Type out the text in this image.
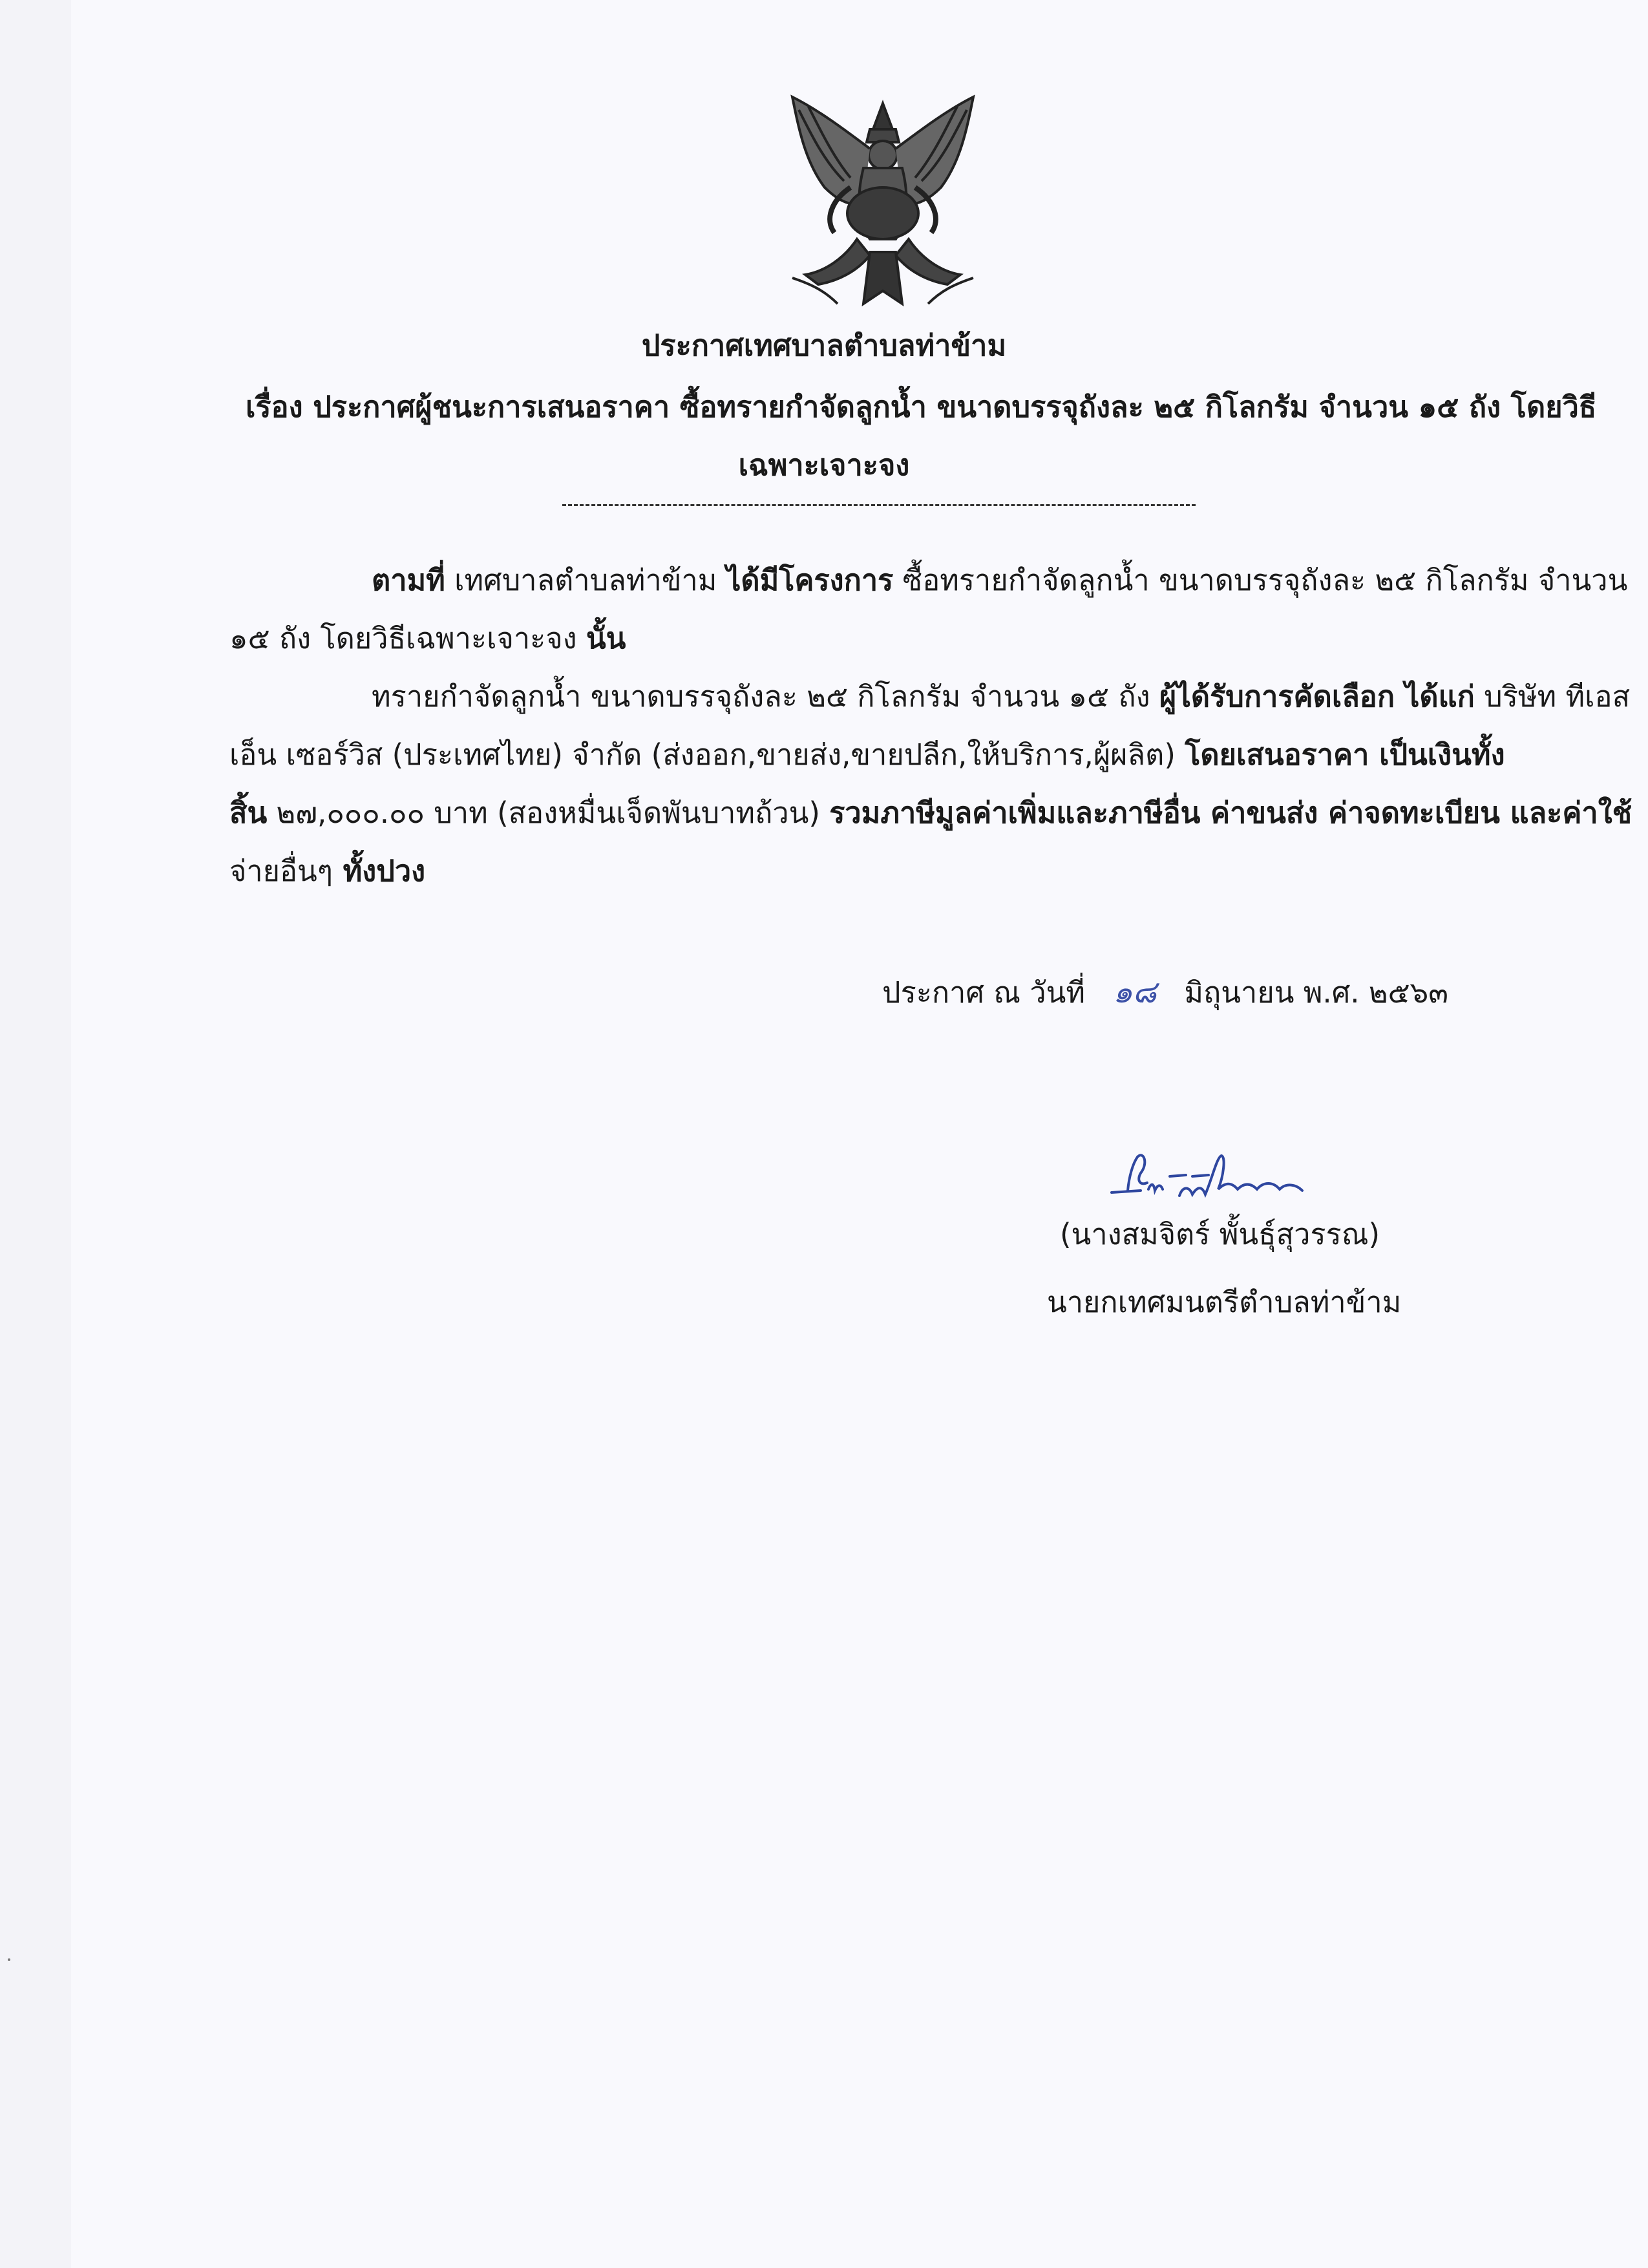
ประกาศเทศบาลตำบลท่าข้าม

เรื่อง ประกาศผู้ชนะการเสนอราคา ซื้อทรายกำจัดลูกน้ำ ขนาดบรรจุถังละ ๒๕ กิโลกรัม จำนวน ๑๕ ถัง โดยวิธี

เฉพาะเจาะจง

ตามที่ เทศบาลตำบลท่าข้าม ได้มีโครงการ ซื้อทรายกำจัดลูกน้ำ ขนาดบรรจุถังละ ๒๕ กิโลกรัม จำนวน

๑๕ ถัง โดยวิธีเฉพาะเจาะจง นั้น

ทรายกำจัดลูกน้ำ ขนาดบรรจุถังละ ๒๕ กิโลกรัม จำนวน ๑๕ ถัง ผู้ได้รับการคัดเลือก ได้แก่ บริษัท ทีเอส

เอ็น เซอร์วิส (ประเทศไทย) จำกัด (ส่งออก,ขายส่ง,ขายปลีก,ให้บริการ,ผู้ผลิต) โดยเสนอราคา เป็นเงินทั้ง

สิ้น ๒๗,๐๐๐.๐๐ บาท (สองหมื่นเจ็ดพันบาทถ้วน) รวมภาษีมูลค่าเพิ่มและภาษีอื่น ค่าขนส่ง ค่าจดทะเบียน และค่าใช้

จ่ายอื่นๆ ทั้งปวง

ประกาศ ณ วันที่ ๑๘ มิถุนายน พ.ศ. ๒๕๖๓

(นางสมจิตร์ พั้นธุ์สุวรรณ)

นายกเทศมนตรีตำบลท่าข้าม
